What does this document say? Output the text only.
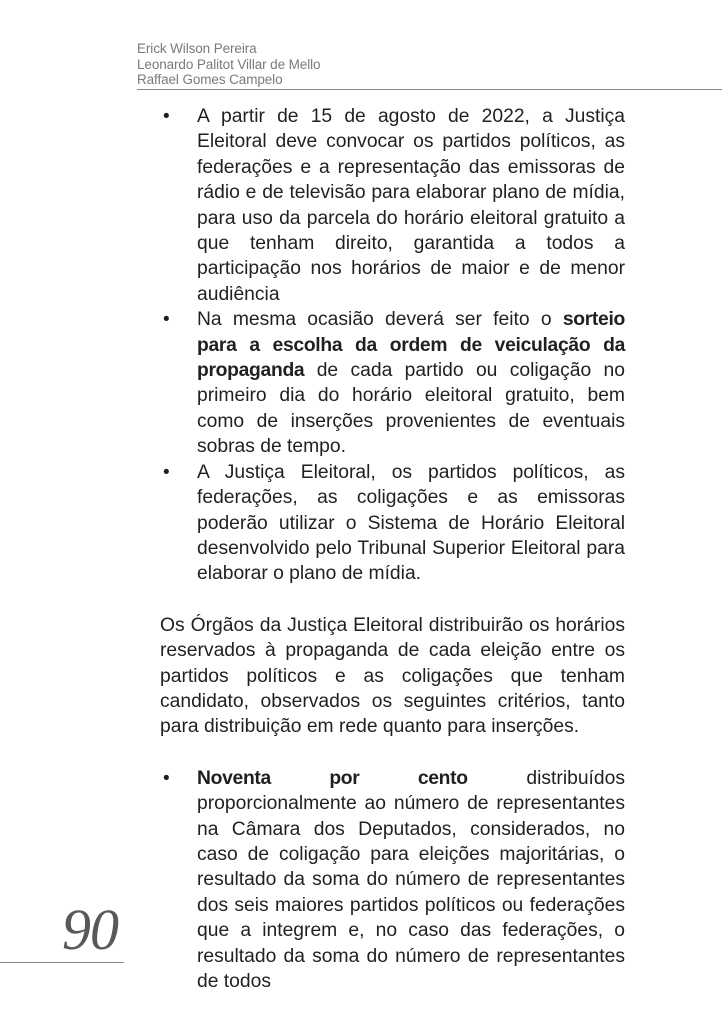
Erick Wilson Pereira
Leonardo Palitot Villar de Mello
Raffael Gomes Campelo
• A partir de 15 de agosto de 2022, a Justiça Eleitoral deve convocar os partidos políticos, as federações e a representação das emissoras de rádio e de televisão para elaborar plano de mídia, para uso da parcela do horário eleitoral gratuito a que tenham direito, garantida a todos a participação nos horários de maior e de menor audiência
• Na mesma ocasião deverá ser feito o sorteio para a escolha da ordem de veiculação da propaganda de cada partido ou coligação no primeiro dia do horário eleitoral gratuito, bem como de inserções provenientes de eventuais sobras de tempo.
• A Justiça Eleitoral, os partidos políticos, as federações, as coligações e as emissoras poderão utilizar o Sistema de Horário Eleitoral desenvolvido pelo Tribunal Superior Eleitoral para elaborar o plano de mídia.

Os Órgãos da Justiça Eleitoral distribuirão os horários reservados à propaganda de cada eleição entre os partidos políticos e as coligações que tenham candidato, observados os seguintes critérios, tanto para distribuição em rede quanto para inserções.

• Noventa por cento distribuídos proporcionalmente ao número de representantes na Câmara dos Deputados, considerados, no caso de coligação para eleições majoritárias, o resultado da soma do número de representantes dos seis maiores partidos políticos ou federações que a integrem e, no caso das federações, o resultado da soma do número de representantes de todos
90
